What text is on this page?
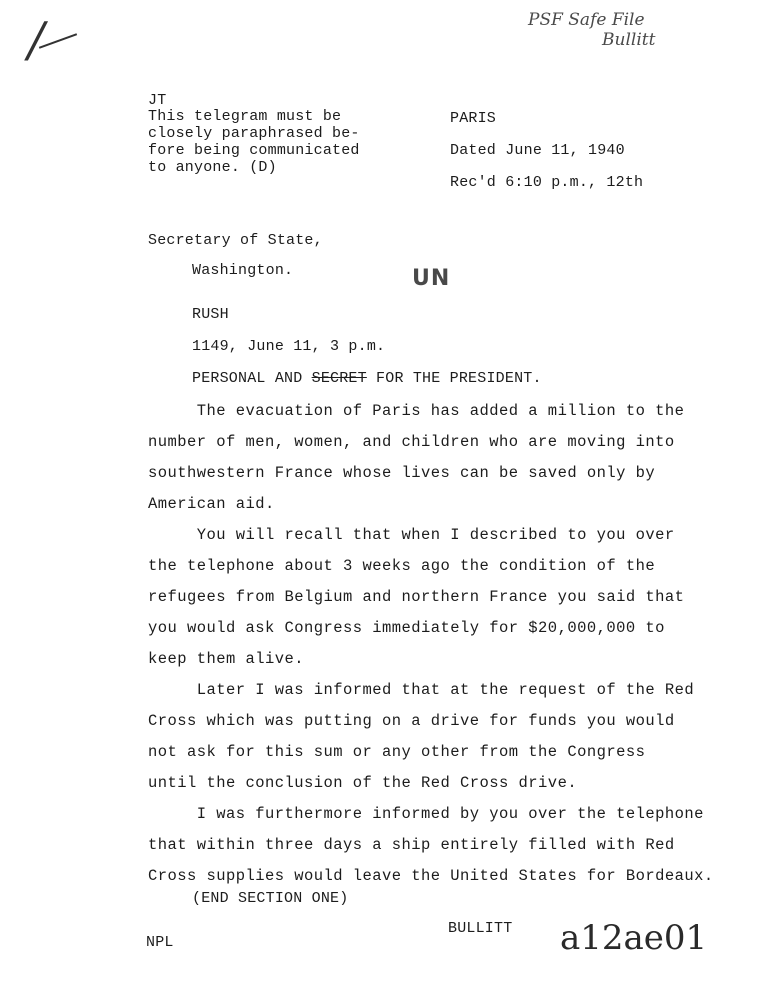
/	PSF Safe File
Bullitt
JT
This telegram must be
closely paraphrased be-
fore being communicated
to anyone. (D)
PARIS
Dated June 11, 1940
Rec'd 6:10 p.m., 12th
Secretary of State,
Washington.	UN
RUSH
1149, June 11, 3 p.m.
PERSONAL AND SECRET FOR THE PRESIDENT.
The evacuation of Paris has added a million to the
number of men, women, and children who are moving into
southwestern France whose lives can be saved only by
American aid.
You will recall that when I described to you over
the telephone about 3 weeks ago the condition of the
refugees from Belgium and northern France you said that
you would ask Congress immediately for $20,000,000 to
keep them alive.
Later I was informed that at the request of the Red
Cross which was putting on a drive for funds you would
not ask for this sum or any other from the Congress
until the conclusion of the Red Cross drive.
I was furthermore informed by you over the telephone
that within three days a ship entirely filled with Red
Cross supplies would leave the United States for Bordeaux.
(END SECTION ONE)
BULLITT
NPL	a12ae01
